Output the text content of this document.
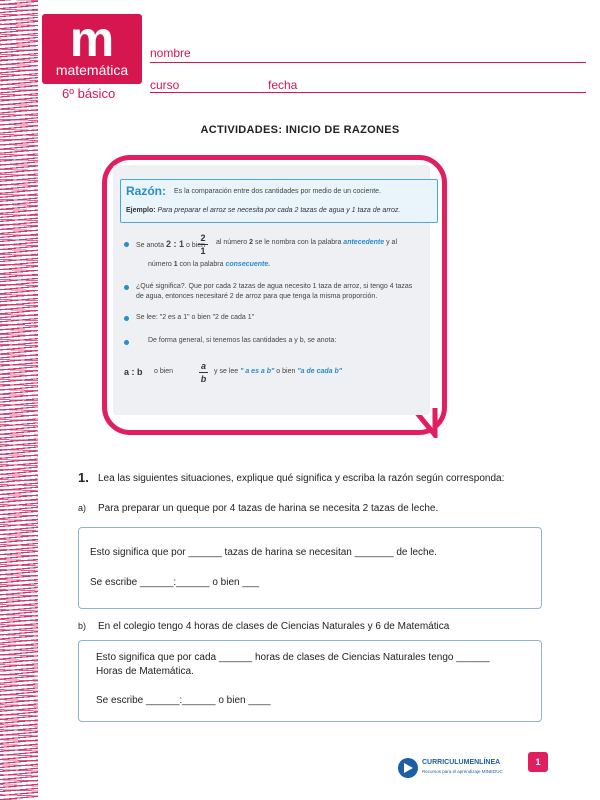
m
matemática
6º básico
nombre
curso	fecha
ACTIVIDADES: INICIO DE RAZONES
Razón: Es la comparación entre dos cantidades por medio de un cociente.
Ejemplo: Para preparar el arroz se necesita por cada 2 tazas de agua y 1 taza de arroz.
Se anota 2 : 1 o bien
2
1
al número 2 se le nombra con la palabra antecedente y al
número 1 con la palabra consecuente.
¿Qué significa?. Que por cada 2 tazas de agua necesito 1 taza de arroz, si tengo 4 tazas
de agua, entonces necesitaré 2 de arroz para que tenga la misma proporción.
Se lee: "2 es a 1" o bien "2 de cada 1"
De forma general, si tenemos las cantidades a y b, se anota:
a : b o bien
a
b
y se lee " a es a b" o bien "a de cada b"
1. Lea las siguientes situaciones, explique qué significa y escriba la razón según corresponda:
a) Para preparar un queque por 4 tazas de harina se necesita 2 tazas de leche.
Esto significa que por ______ tazas de harina se necesitan _______ de leche.
Se escribe ______:______ o bien ___
b) En el colegio tengo 4 horas de clases de Ciencias Naturales y 6 de Matemática
Esto significa que por cada ______ horas de clases de Ciencias Naturales tengo ______
Horas de Matemática.
Se escribe ______:______ o bien ____
CURRICULUMENLÍNEA
Recursos para el aprendizaje MINEDUC
1
